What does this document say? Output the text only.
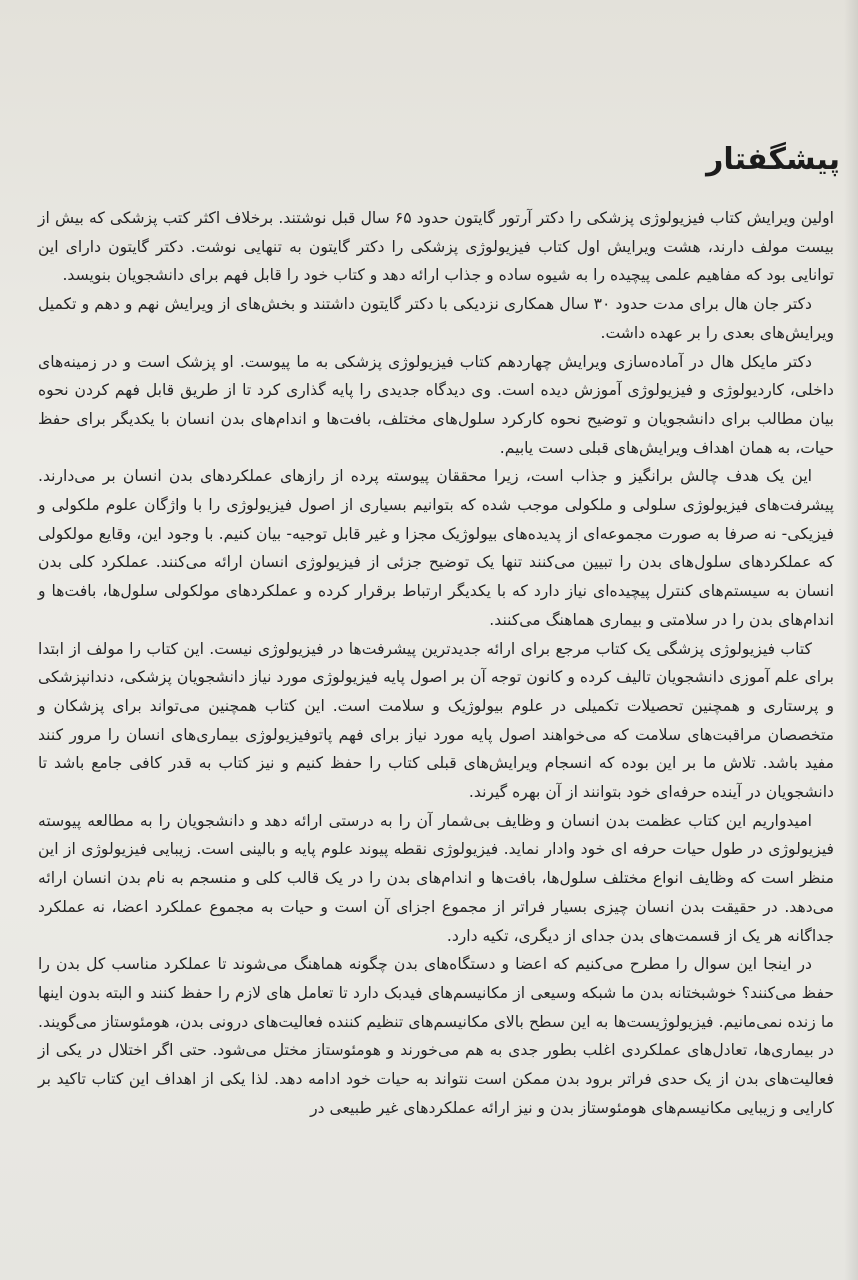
پیشگفتار

اولین ویرایش کتاب فیزیولوژی پزشکی را دکتر آرتور گایتون حدود ۶۵ سال قبل نوشتند. برخلاف اکثر کتب پزشکی که بیش از بیست مولف دارند، هشت ویرایش اول کتاب فیزیولوژی پزشکی را دکتر گایتون به تنهایی نوشت. دکتر گایتون دارای این توانایی بود که مفاهیم علمی پیچیده را به شیوه ساده و جذاب ارائه دهد و کتاب خود را قابل فهم برای دانشجویان بنویسد.

دکتر جان هال برای مدت حدود ۳۰ سال همکاری نزدیکی با دکتر گایتون داشتند و بخش‌های از ویرایش نهم و دهم و تکمیل ویرایش‌های بعدی را بر عهده داشت.

دکتر مایکل هال در آماده‌سازی ویرایش چهاردهم کتاب فیزیولوژی پزشکی به ما پیوست. او پزشک است و در زمینه‌های داخلی، کاردیولوژی و فیزیولوژی آموزش دیده است. وی دیدگاه جدیدی را پایه گذاری کرد تا از طریق قابل فهم کردن نحوه بیان مطالب برای دانشجویان و توضیح نحوه کارکرد سلول‌های مختلف، بافت‌ها و اندام‌های بدن انسان با یکدیگر برای حفظ حیات، به همان اهداف ویرایش‌های قبلی دست یابیم.

این یک هدف چالش برانگیز و جذاب است، زیرا محققان پیوسته پرده از رازهای عملکردهای بدن انسان بر می‌دارند. پیشرفت‌های فیزیولوژی سلولی و ملکولی موجب شده که بتوانیم بسیاری از اصول فیزیولوژی را با واژگان علوم ملکولی و فیزیکی- نه صرفا به صورت مجموعه‌ای از پدیده‌های بیولوژیک مجزا و غیر قابل توجیه- بیان کنیم. با وجود این، وقایع مولکولی که عملکردهای سلول‌های بدن را تبیین می‌کنند تنها یک توضیح جزئی از فیزیولوژی انسان ارائه می‌کنند. عملکرد کلی بدن انسان به سیستم‌های کنترل پیچیده‌ای نیاز دارد که با یکدیگر ارتباط برقرار کرده و عملکردهای مولکولی سلول‌ها، بافت‌ها و اندام‌های بدن را در سلامتی و بیماری هماهنگ می‌کنند.

کتاب فیزیولوژی پزشگی یک کتاب مرجع برای ارائه جدیدترین پیشرفت‌ها در فیزیولوژی نیست. این کتاب را مولف از ابتدا برای علم آموزی دانشجویان تالیف کرده و کانون توجه آن بر اصول پایه فیزیولوژی مورد نیاز دانشجویان پزشکی، دندانپزشکی و پرستاری و همچنین تحصیلات تکمیلی در علوم بیولوژیک و سلامت است. این کتاب همچنین می‌تواند برای پزشکان و متخصصان مراقبت‌های سلامت که می‌خواهند اصول پایه مورد نیاز برای فهم پاتوفیزیولوژی بیماری‌های انسان را مرور کنند مفید باشد. تلاش ما بر این بوده که انسجام ویرایش‌های قبلی کتاب را حفظ کنیم و نیز کتاب به قدر کافی جامع باشد تا دانشجویان در آینده حرفه‌ای خود بتوانند از آن بهره گیرند.

امیدواریم این کتاب عظمت بدن انسان و وظایف بی‌شمار آن را به درستی ارائه دهد و دانشجویان را به مطالعه پیوسته فیزیولوژی در طول حیات حرفه ای خود وادار نماید. فیزیولوژی نقطه پیوند علوم پایه و بالینی است. زیبایی فیزیولوژی از این منظر است که وظایف انواع مختلف سلول‌ها، بافت‌ها و اندام‌های بدن را در یک قالب کلی و منسجم به نام بدن انسان ارائه می‌دهد. در حقیقت بدن انسان چیزی بسیار فراتر از مجموع اجزای آن است و حیات به مجموع عملکرد اعضا، نه عملکرد جداگانه هر یک از قسمت‌های بدن جدای از دیگری، تکیه دارد.

در اینجا این سوال را مطرح می‌کنیم که اعضا و دستگاه‌های بدن چگونه هماهنگ می‌شوند تا عملکرد مناسب کل بدن را حفظ می‌کنند؟ خوشبختانه بدن ما شبکه وسیعی از مکانیسم‌های فیدبک دارد تا تعامل های لازم را حفظ کنند و البته بدون اینها ما زنده نمی‌مانیم. فیزیولوژیست‌ها به این سطح بالای مکانیسم‌های تنظیم کننده فعالیت‌های درونی بدن، هومئوستاز می‌گویند. در بیماری‌ها، تعادل‌های عملکردی اغلب بطور جدی به هم می‌خورند و هومئوستاز مختل می‌شود. حتی اگر اختلال در یکی از فعالیت‌های بدن از یک حدی فراتر برود بدن ممکن است نتواند به حیات خود ادامه دهد. لذا یکی از اهداف این کتاب تاکید بر کارایی و زیبایی مکانیسم‌های هومئوستاز بدن و نیز ارائه عملکردهای غیر طبیعی در
